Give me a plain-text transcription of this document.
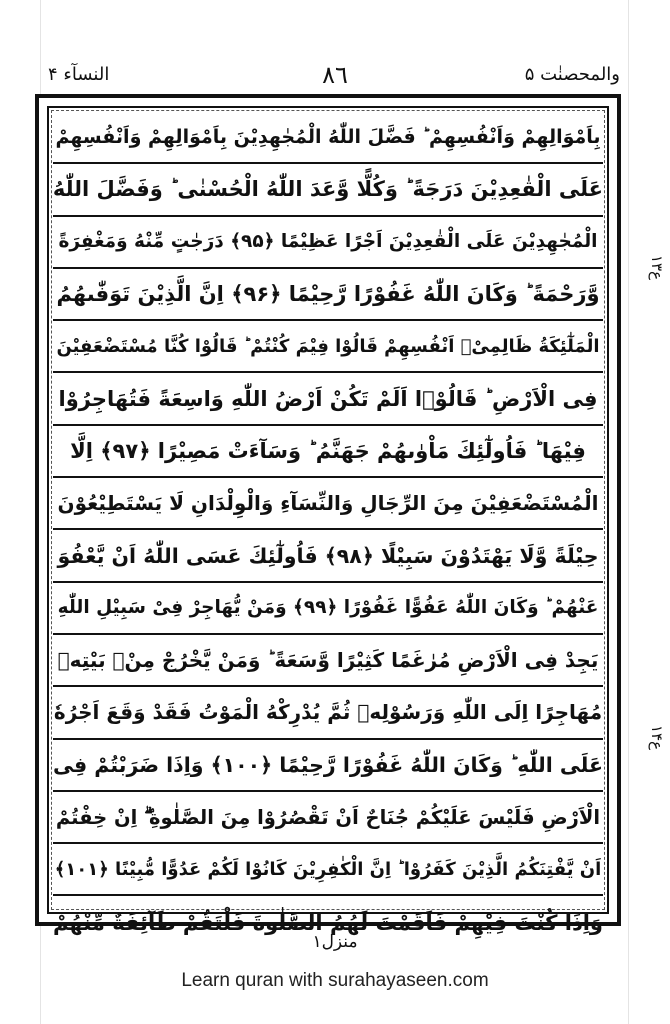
والمحصنٰت ۵
٨٦
النسآء ۴
بِاَمْوَالِهِمْ وَاَنْفُسِهِمْ ؕ فَضَّلَ اللّٰهُ الْمُجٰهِدِیْنَ بِاَمْوَالِهِمْ وَاَنْفُسِهِمْ
عَلَى الْقٰعِدِیْنَ دَرَجَةً ؕ وَكُلًّا وَّعَدَ اللّٰهُ الْحُسْنٰى ؕ وَفَضَّلَ اللّٰهُ
الْمُجٰهِدِیْنَ عَلَى الْقٰعِدِیْنَ اَجْرًا عَظِیْمًا ﴿۹۵﴾ دَرَجٰتٍ مِّنْهُ وَمَغْفِرَةً
وَّرَحْمَةً ؕ وَكَانَ اللّٰهُ غَفُوْرًا رَّحِیْمًا ﴿۹۶﴾ اِنَّ الَّذِیْنَ تَوَفّٰىهُمُ
الْمَلٰٓئِكَةُ ظَالِمِیْۤ اَنْفُسِهِمْ قَالُوْا فِیْمَ كُنْتُمْ ؕ قَالُوْا كُنَّا مُسْتَضْعَفِیْنَ
فِی الْاَرْضِ ؕ قَالُوْۤا اَلَمْ تَكُنْ اَرْضُ اللّٰهِ وَاسِعَةً فَتُهَاجِرُوْا
فِیْهَا ؕ فَاُولٰٓئِكَ مَاْوٰىهُمْ جَهَنَّمُ ؕ وَسَآءَتْ مَصِیْرًا ﴿۹۷﴾ اِلَّا
الْمُسْتَضْعَفِیْنَ مِنَ الرِّجَالِ وَالنِّسَآءِ وَالْوِلْدَانِ لَا یَسْتَطِیْعُوْنَ
حِیْلَةً وَّلَا یَهْتَدُوْنَ سَبِیْلًا ﴿۹۸﴾ فَاُولٰٓئِكَ عَسَى اللّٰهُ اَنْ یَّعْفُوَ
عَنْهُمْ ؕ وَكَانَ اللّٰهُ عَفُوًّا غَفُوْرًا ﴿۹۹﴾ وَمَنْ یُّهَاجِرْ فِیْ سَبِیْلِ اللّٰهِ
یَجِدْ فِی الْاَرْضِ مُرٰغَمًا كَثِیْرًا وَّسَعَةً ؕ وَمَنْ یَّخْرُجْ مِنْۢ بَیْتِهٖ
مُهَاجِرًا اِلَى اللّٰهِ وَرَسُوْلِهٖ ثُمَّ یُدْرِكْهُ الْمَوْتُ فَقَدْ وَقَعَ اَجْرُهٗ
عَلَى اللّٰهِ ؕ وَكَانَ اللّٰهُ غَفُوْرًا رَّحِیْمًا ﴿۱۰۰﴾ وَاِذَا ضَرَبْتُمْ فِی
الْاَرْضِ فَلَیْسَ عَلَیْكُمْ جُنَاحٌ اَنْ تَقْصُرُوْا مِنَ الصَّلٰوةِ ۖۗ اِنْ خِفْتُمْ
اَنْ یَّفْتِنَكُمُ الَّذِیْنَ كَفَرُوْا ؕ اِنَّ الْكٰفِرِیْنَ كَانُوْا لَكُمْ عَدُوًّا مُّبِیْنًا ﴿۱۰۱﴾
وَاِذَا كُنْتَ فِیْهِمْ فَاَقَمْتَ لَهُمُ الصَّلٰوةَ فَلْتَقُمْ طَآئِفَةٌ مِّنْهُمْ
ع۱۳
ع۱۴
منزل۱
Learn quran with surahayaseen.com
